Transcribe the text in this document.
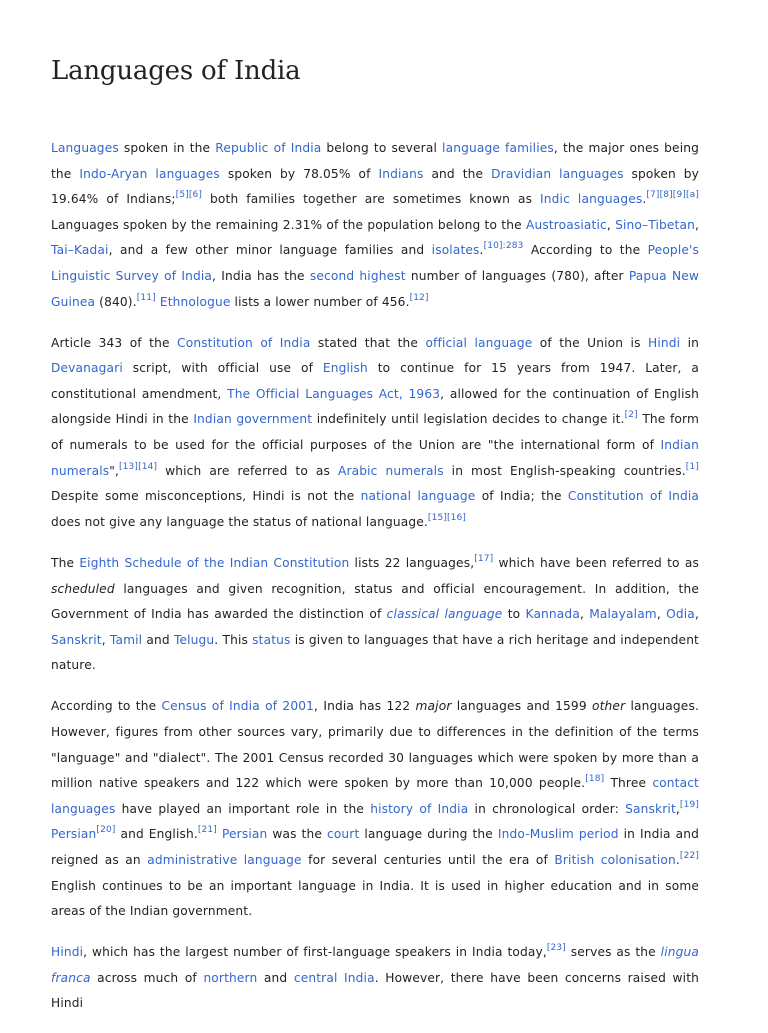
Languages of India

Languages spoken in the Republic of India belong to several language families, the major ones being the Indo-Aryan languages spoken by 78.05% of Indians and the Dravidian languages spoken by 19.64% of Indians;[5][6] both families together are sometimes known as Indic languages.[7][8][9][a] Languages spoken by the remaining 2.31% of the population belong to the Austroasiatic, Sino–Tibetan, Tai–Kadai, and a few other minor language families and isolates.$^{[10]:283}$ According to the People's Linguistic Survey of India, India has the second highest number of languages (780), after Papua New Guinea (840).[11] Ethnologue lists a lower number of 456.[12]

Article 343 of the Constitution of India stated that the official language of the Union is Hindi in Devanagari script, with official use of English to continue for 15 years from 1947. Later, a constitutional amendment, The Official Languages Act, 1963, allowed for the continuation of English alongside Hindi in the Indian government indefinitely until legislation decides to change it.[2] The form of numerals to be used for the official purposes of the Union are "the international form of Indian numerals",[13][14] which are referred to as Arabic numerals in most English-speaking countries.[1] Despite some misconceptions, Hindi is not the national language of India; the Constitution of India does not give any language the status of national language.[15][16]

The Eighth Schedule of the Indian Constitution lists 22 languages,[17] which have been referred to as scheduled languages and given recognition, status and official encouragement. In addition, the Government of India has awarded the distinction of classical language to Kannada, Malayalam, Odia, Sanskrit, Tamil and Telugu. This status is given to languages that have a rich heritage and independent nature.

According to the Census of India of 2001, India has 122 major languages and 1599 other languages. However, figures from other sources vary, primarily due to differences in the definition of the terms "language" and "dialect". The 2001 Census recorded 30 languages which were spoken by more than a million native speakers and 122 which were spoken by more than 10,000 people.[18] Three contact languages have played an important role in the history of India in chronological order: Sanskrit,[19] Persian[20] and English.[21] Persian was the court language during the Indo-Muslim period in India and reigned as an administrative language for several centuries until the era of British colonisation.[22] English continues to be an important language in India. It is used in higher education and in some areas of the Indian government.

Hindi, which has the largest number of first-language speakers in India today,[23] serves as the lingua franca across much of northern and central India. However, there have been concerns raised with Hindi
